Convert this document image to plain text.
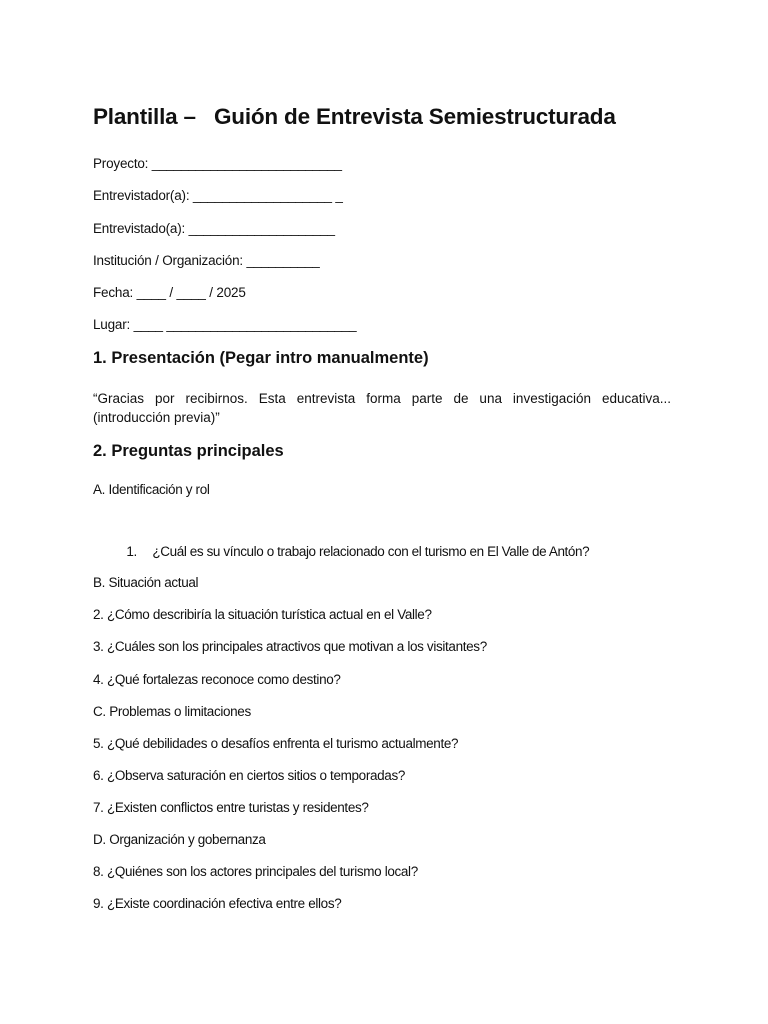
Plantilla –   Guión de Entrevista Semiestructurada
Proyecto: __________________________
Entrevistador(a): ___________________ _
Entrevistado(a): ____________________
Institución / Organización: __________
Fecha: ____ / ____ / 2025
Lugar: ____ __________________________
1. Presentación (Pegar intro manualmente)
“Gracias por recibirnos. Esta entrevista forma parte de una investigación educativa... (introducción previa)”
2. Preguntas principales
A. Identificación y rol

1. ¿Cuál es su vínculo o trabajo relacionado con el turismo en El Valle de Antón?

B. Situación actual
2. ¿Cómo describiría la situación turística actual en el Valle?
3. ¿Cuáles son los principales atractivos que motivan a los visitantes?
4. ¿Qué fortalezas reconoce como destino?
C. Problemas o limitaciones
5. ¿Qué debilidades o desafíos enfrenta el turismo actualmente?
6. ¿Observa saturación en ciertos sitios o temporadas?
7. ¿Existen conflictos entre turistas y residentes?
D. Organización y gobernanza
8. ¿Quiénes son los actores principales del turismo local?
9. ¿Existe coordinación efectiva entre ellos?
